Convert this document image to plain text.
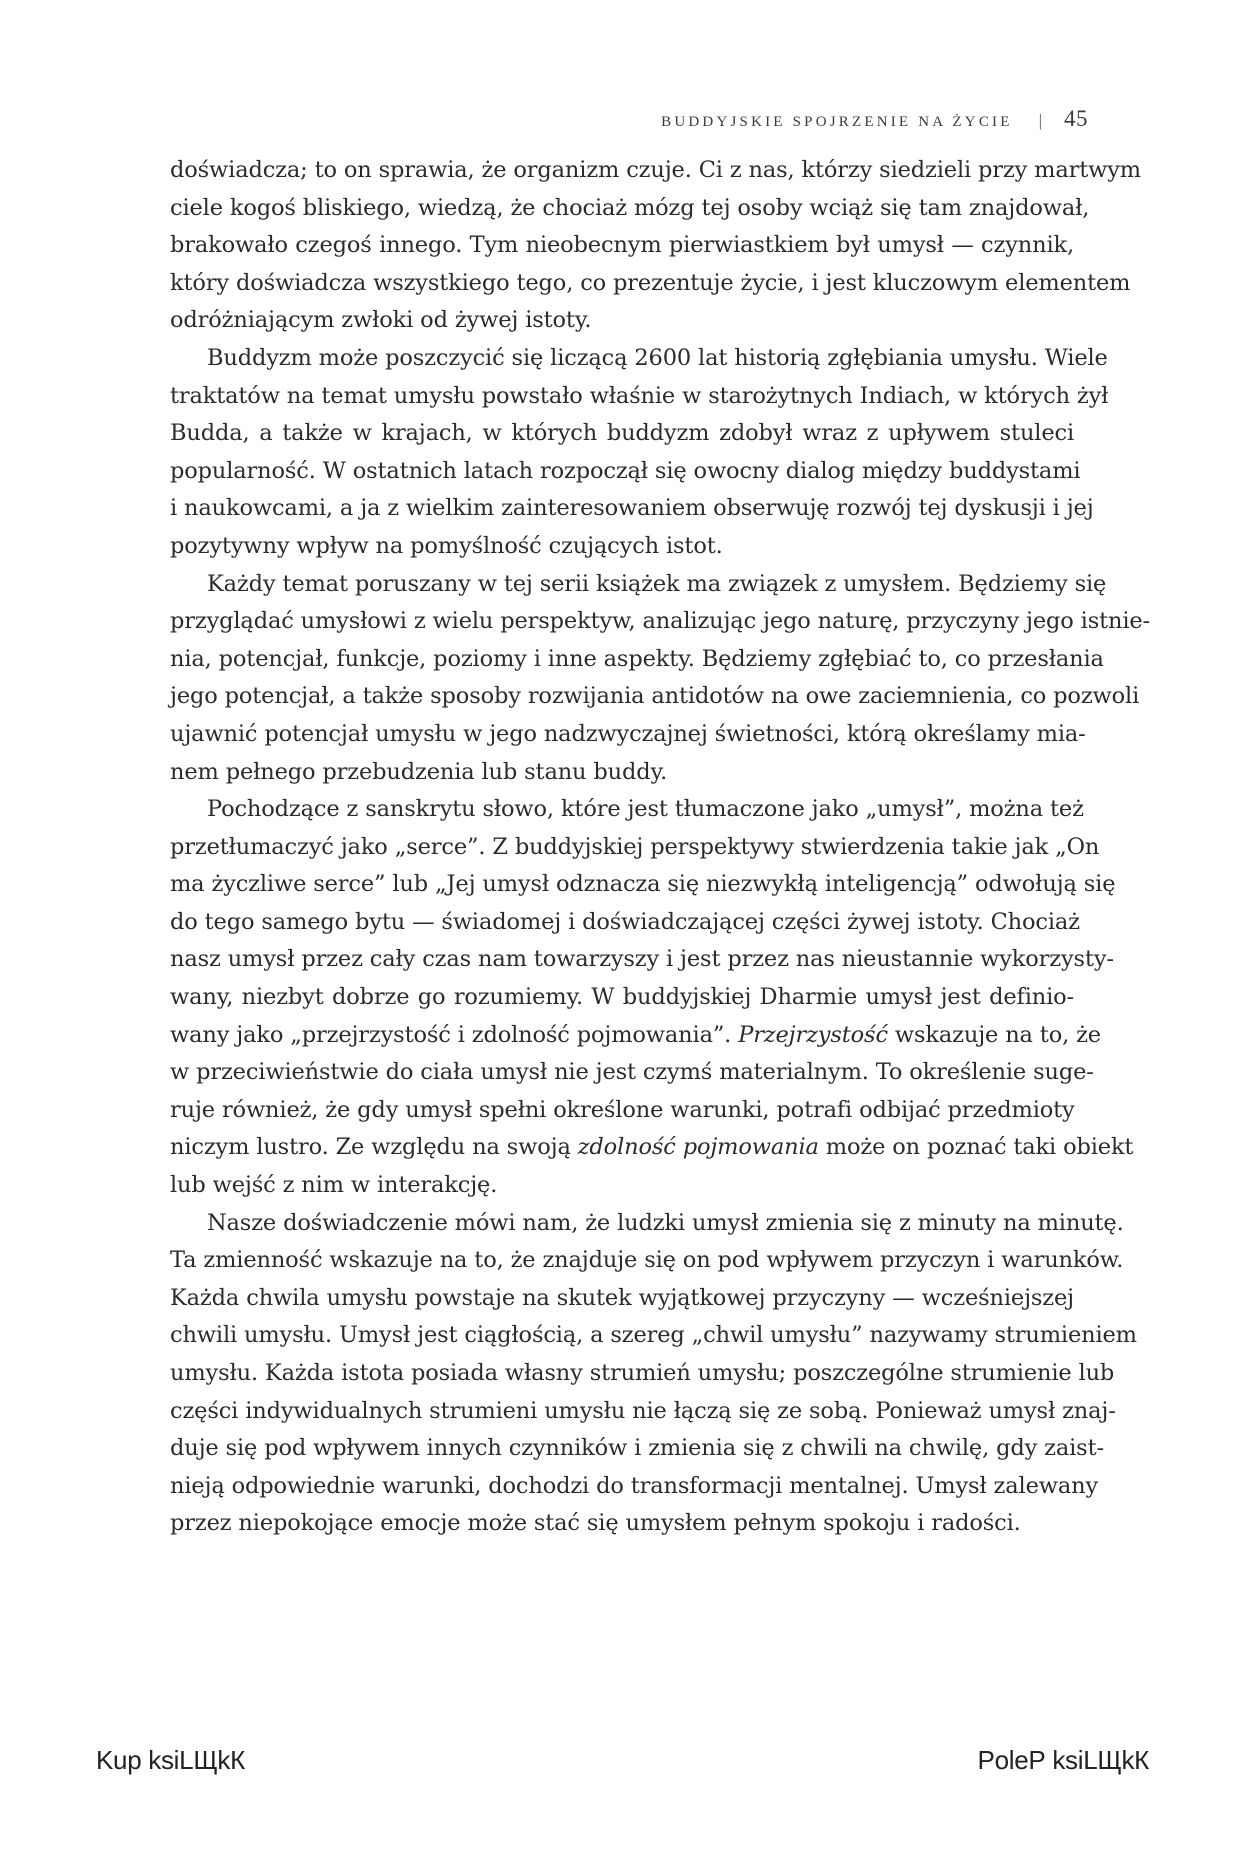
BUDDYJSKIE SPOJRZENIE NA ŻYCIE | 45
doświadcza; to on sprawia, że organizm czuje. Ci z nas, którzy siedzieli przy martwym
ciele kogoś bliskiego, wiedzą, że chociaż mózg tej osoby wciąż się tam znajdował,
brakowało czegoś innego. Tym nieobecnym pierwiastkiem był umysł — czynnik,
który doświadcza wszystkiego tego, co prezentuje życie, i jest kluczowym elementem
odróżniającym zwłoki od żywej istoty.
Buddyzm może poszczycić się liczącą 2600 lat historią zgłębiania umysłu. Wiele
traktatów na temat umysłu powstało właśnie w starożytnych Indiach, w których żył
Budda, a także w krajach, w których buddyzm zdobył wraz z upływem stuleci
popularność. W ostatnich latach rozpoczął się owocny dialog między buddystami
i naukowcami, a ja z wielkim zainteresowaniem obserwuję rozwój tej dyskusji i jej
pozytywny wpływ na pomyślność czujących istot.
Każdy temat poruszany w tej serii książek ma związek z umysłem. Będziemy się
przyglądać umysłowi z wielu perspektyw, analizując jego naturę, przyczyny jego istnie-
nia, potencjał, funkcje, poziomy i inne aspekty. Będziemy zgłębiać to, co przesłania
jego potencjał, a także sposoby rozwijania antidotów na owe zaciemnienia, co pozwoli
ujawnić potencjał umysłu w jego nadzwyczajnej świetności, którą określamy mia-
nem pełnego przebudzenia lub stanu buddy.
Pochodzące z sanskrytu słowo, które jest tłumaczone jako „umysł”, można też
przetłumaczyć jako „serce”. Z buddyjskiej perspektywy stwierdzenia takie jak „On
ma życzliwe serce” lub „Jej umysł odznacza się niezwykłą inteligencją” odwołują się
do tego samego bytu — świadomej i doświadczającej części żywej istoty. Chociaż
nasz umysł przez cały czas nam towarzyszy i jest przez nas nieustannie wykorzysty-
wany, niezbyt dobrze go rozumiemy. W buddyjskiej Dharmie umysł jest definio-
wany jako „przejrzystość i zdolność pojmowania”. Przejrzystość wskazuje na to, że
w przeciwieństwie do ciała umysł nie jest czymś materialnym. To określenie suge-
ruje również, że gdy umysł spełni określone warunki, potrafi odbijać przedmioty
niczym lustro. Ze względu na swoją zdolność pojmowania może on poznać taki obiekt
lub wejść z nim w interakcję.
Nasze doświadczenie mówi nam, że ludzki umysł zmienia się z minuty na minutę.
Ta zmienność wskazuje na to, że znajduje się on pod wpływem przyczyn i warunków.
Każda chwila umysłu powstaje na skutek wyjątkowej przyczyny — wcześniejszej
chwili umysłu. Umysł jest ciągłością, a szereg „chwil umysłu” nazywamy strumieniem
umysłu. Każda istota posiada własny strumień umysłu; poszczególne strumienie lub
części indywidualnych strumieni umysłu nie łączą się ze sobą. Ponieważ umysł znaj-
duje się pod wpływem innych czynników i zmienia się z chwili na chwilę, gdy zaist-
nieją odpowiednie warunki, dochodzi do transformacji mentalnej. Umysł zalewany
przez niepokojące emocje może stać się umysłem pełnym spokoju i radości.
Kup ksiLЩkК	PoleР ksiLЩkК
